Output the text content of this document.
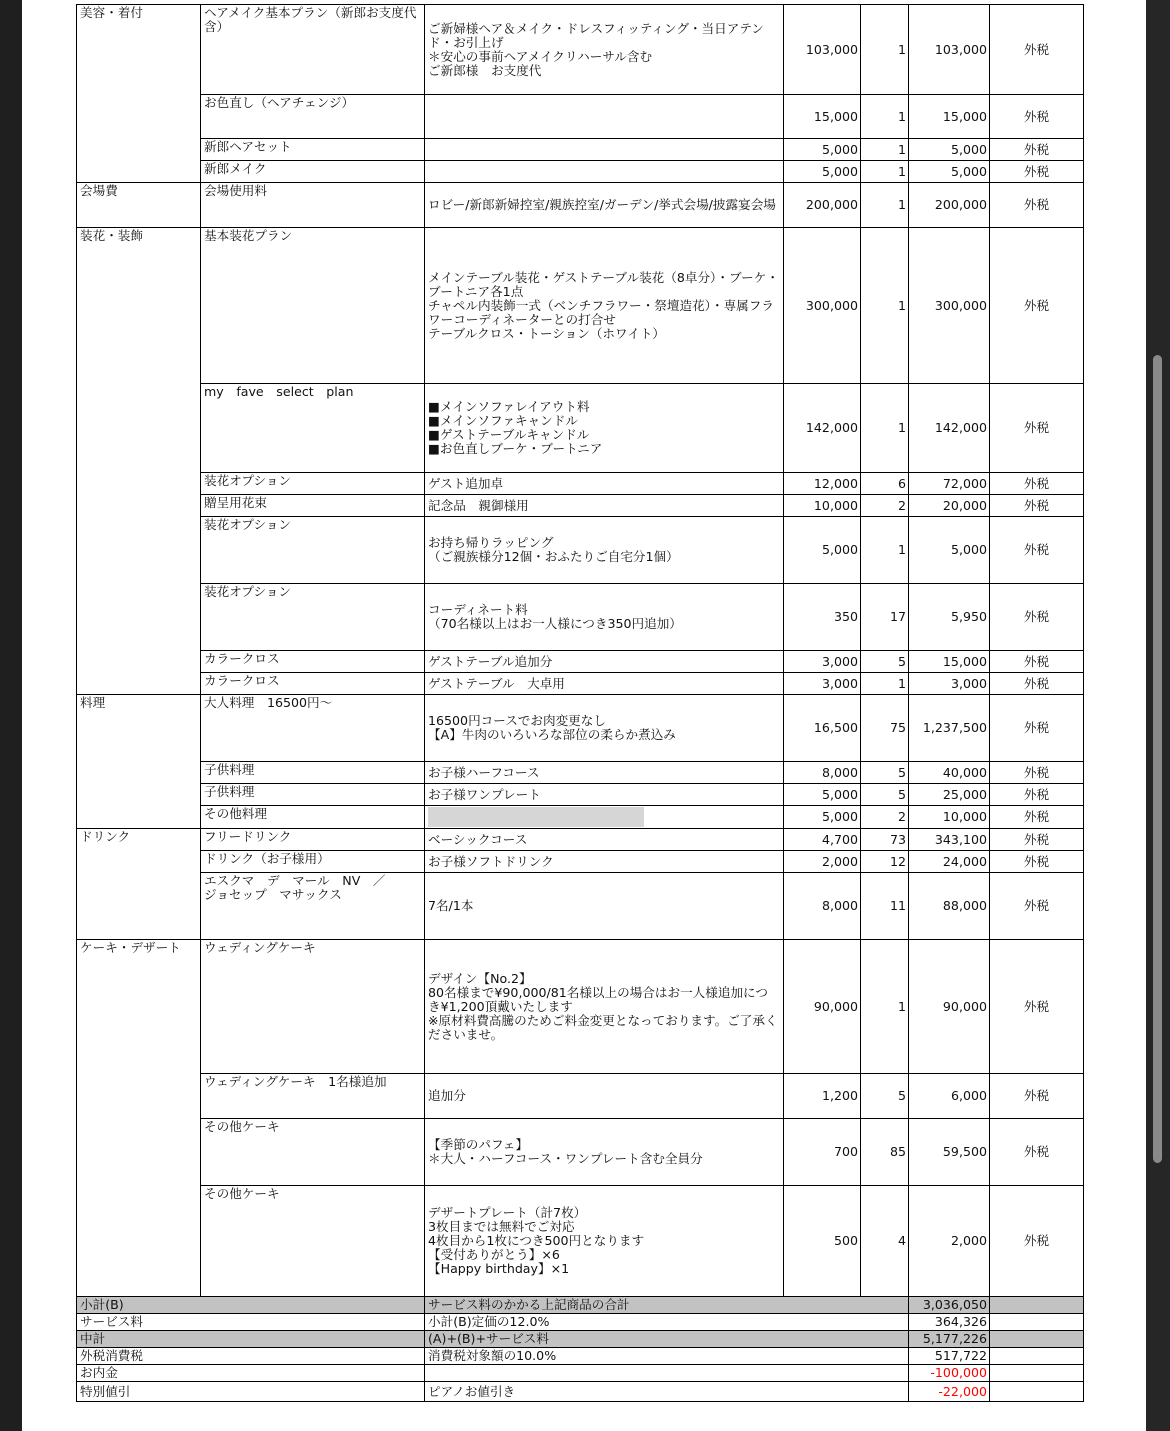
美容・着付	ヘアメイク基本プラン（新郎お支度代含）	ご新婦様ヘア＆メイク・ドレスフィッティング・当日アテンド・お引上げ
＊安心の事前ヘアメイクリハーサル含む
ご新郎様　お支度代	103,000	1	103,000	外税
	お色直し（ヘアチェンジ）		15,000	1	15,000	外税
	新郎ヘアセット		5,000	1	5,000	外税
	新郎メイク		5,000	1	5,000	外税
会場費	会場使用料	ロビー/新郎新婦控室/親族控室/ガーデン/挙式会場/披露宴会場	200,000	1	200,000	外税
装花・装飾	基本装花プラン	メインテーブル装花・ゲストテーブル装花（8卓分）・ブーケ・ブートニア各1点
チャペル内装飾一式（ベンチフラワー・祭壇造花）・専属フラワーコーディネーターとの打合せ
テーブルクロス・トーション（ホワイト）	300,000	1	300,000	外税
	my　fave　select　plan	■メインソファレイアウト料
■メインソファキャンドル
■ゲストテーブルキャンドル
■お色直しブーケ・ブートニア	142,000	1	142,000	外税
	装花オプション	ゲスト追加卓	12,000	6	72,000	外税
	贈呈用花束	記念品　親御様用	10,000	2	20,000	外税
	装花オプション	お持ち帰りラッピング
（ご親族様分12個・おふたりご自宅分1個）	5,000	1	5,000	外税
	装花オプション	コーディネート料
（70名様以上はお一人様につき350円追加）	350	17	5,950	外税
	カラークロス	ゲストテーブル追加分	3,000	5	15,000	外税
	カラークロス	ゲストテーブル　大卓用	3,000	1	3,000	外税
料理	大人料理　16500円～	16500円コースでお肉変更なし
【A】牛肉のいろいろな部位の柔らか煮込み	16,500	75	1,237,500	外税
	子供料理	お子様ハーフコース	8,000	5	40,000	外税
	子供料理	お子様ワンプレート	5,000	5	25,000	外税
	その他料理		5,000	2	10,000	外税
ドリンク	フリードリンク	ベーシックコース	4,700	73	343,100	外税
	ドリンク（お子様用）	お子様ソフトドリンク	2,000	12	24,000	外税
	エスクマ　デ　マール　NV　／
ジョセップ　マサックス	7名/1本	8,000	11	88,000	外税
ケーキ・デザート	ウェディングケーキ	デザイン【No.2】
80名様まで¥90,000/81名様以上の場合はお一人様追加につき¥1,200頂戴いたします
※原材料費高騰のためご料金変更となっております。ご了承くださいませ。	90,000	1	90,000	外税
	ウェディングケーキ　1名様追加	追加分	1,200	5	6,000	外税
	その他ケーキ	【季節のパフェ】
＊大人・ハーフコース・ワンプレート含む全員分	700	85	59,500	外税
	その他ケーキ	デザートプレート（計7枚）
3枚目までは無料でご対応
4枚目から1枚につき500円となります
【受付ありがとう】×6
【Happy birthday】×1	500	4	2,000	外税
小計(B)		サービス料のかかる上記商品の合計			3,036,050	
サービス料		小計(B)定価の12.0%			364,326	
中計		(A)+(B)+サービス料			5,177,226	
外税消費税		消費税対象額の10.0%			517,722	
お内金					-100,000	
特別値引		ピアノお値引き			-22,000	
